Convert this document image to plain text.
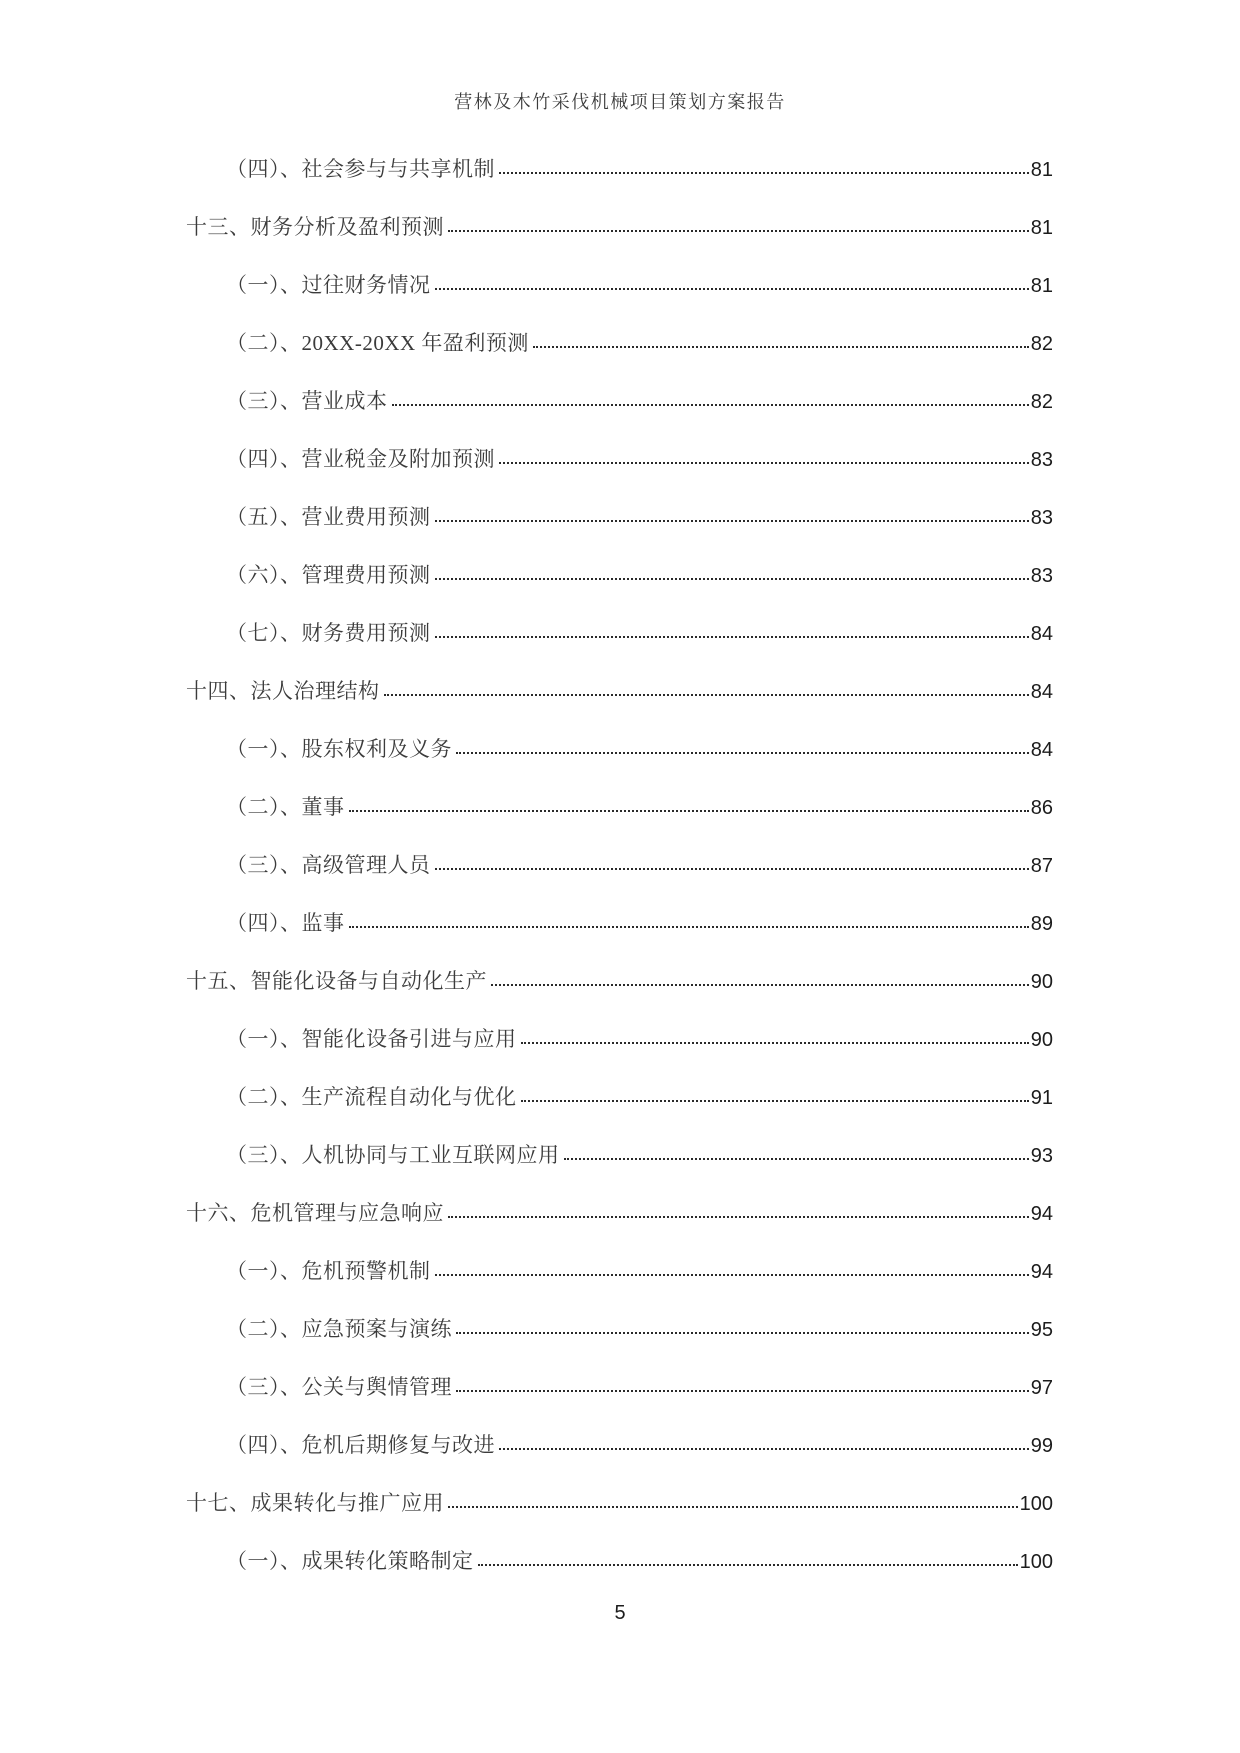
营林及木竹采伐机械项目策划方案报告
（四）、社会参与与共享机制	81
十三、财务分析及盈利预测	81
（一）、过往财务情况	81
（二）、20XX-20XX 年盈利预测	82
（三）、营业成本	82
（四）、营业税金及附加预测	83
（五）、营业费用预测	83
（六）、管理费用预测	83
（七）、财务费用预测	84
十四、法人治理结构	84
（一）、股东权利及义务	84
（二）、董事	86
（三）、高级管理人员	87
（四）、监事	89
十五、智能化设备与自动化生产	90
（一）、智能化设备引进与应用	90
（二）、生产流程自动化与优化	91
（三）、人机协同与工业互联网应用	93
十六、危机管理与应急响应	94
（一）、危机预警机制	94
（二）、应急预案与演练	95
（三）、公关与舆情管理	97
（四）、危机后期修复与改进	99
十七、成果转化与推广应用	100
（一）、成果转化策略制定	100
5
